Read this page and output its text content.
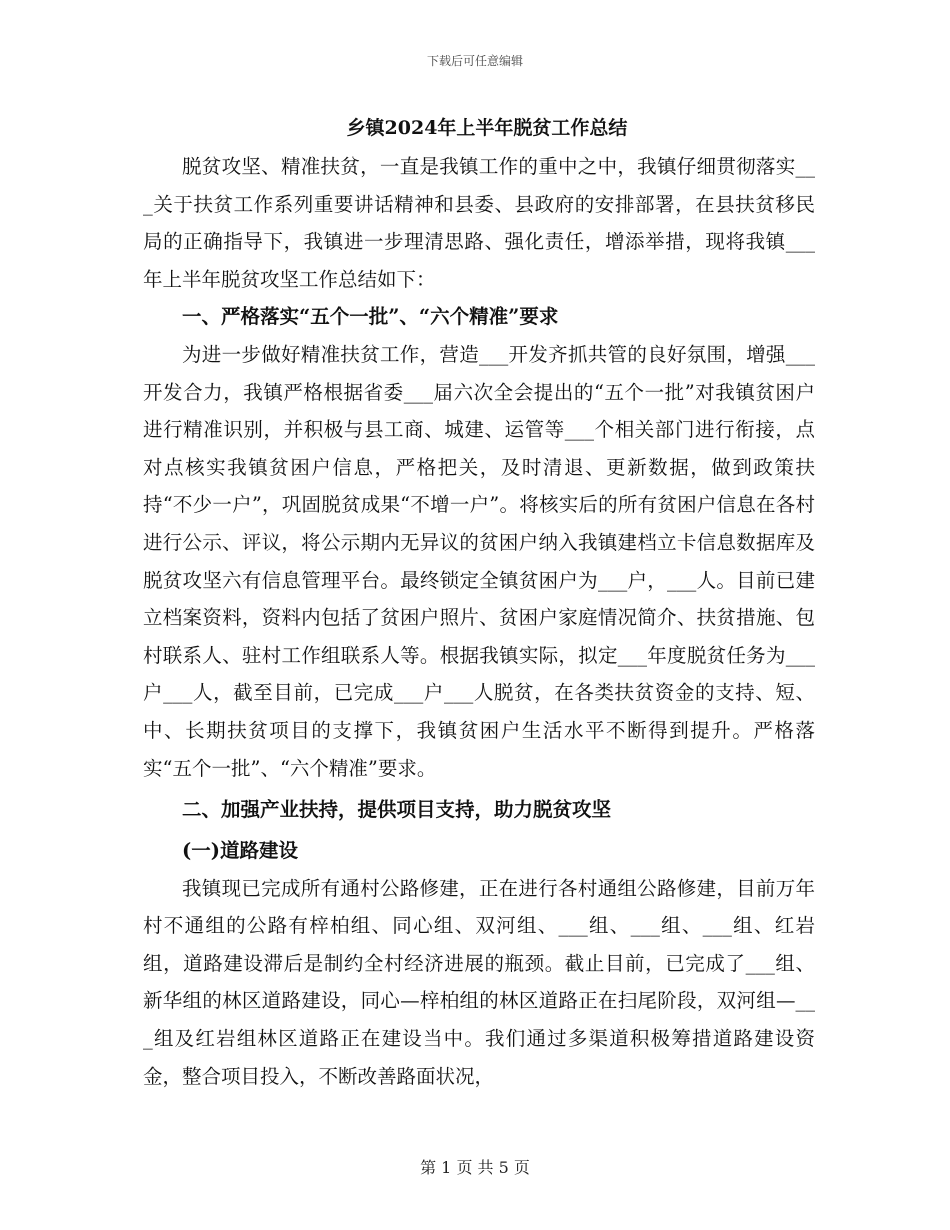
下载后可任意编辑
乡镇2024年上半年脱贫工作总结

脱贫攻坚、精准扶贫，一直是我镇工作的重中之中，我镇仔细贯彻落实___关于扶贫工作系列重要讲话精神和县委、县政府的安排部署，在县扶贫移民局的正确指导下，我镇进一步理清思路、强化责任，增添举措，现将我镇___年上半年脱贫攻坚工作总结如下：

一、严格落实“五个一批”、“六个精准”要求

为进一步做好精准扶贫工作，营造___开发齐抓共管的良好氛围，增强___开发合力，我镇严格根据省委___届六次全会提出的“五个一批”对我镇贫困户进行精准识别，并积极与县工商、城建、运管等___个相关部门进行衔接，点对点核实我镇贫困户信息，严格把关，及时清退、更新数据，做到政策扶持“不少一户”，巩固脱贫成果“不增一户”。将核实后的所有贫困户信息在各村进行公示、评议，将公示期内无异议的贫困户纳入我镇建档立卡信息数据库及脱贫攻坚六有信息管理平台。最终锁定全镇贫困户为___户，___人。目前已建立档案资料，资料内包括了贫困户照片、贫困户家庭情况简介、扶贫措施、包村联系人、驻村工作组联系人等。根据我镇实际，拟定___年度脱贫任务为___户___人，截至目前，已完成___户___人脱贫，在各类扶贫资金的支持、短、中、长期扶贫项目的支撑下，我镇贫困户生活水平不断得到提升。严格落实“五个一批”、“六个精准”要求。

二、加强产业扶持，提供项目支持，助力脱贫攻坚
(一)道路建设

我镇现已完成所有通村公路修建，正在进行各村通组公路修建，目前万年村不通组的公路有梓柏组、同心组、双河组、___组、___组、___组、红岩组，道路建设滞后是制约全村经济进展的瓶颈。截止目前，已完成了___组、新华组的林区道路建设，同心—梓柏组的林区道路正在扫尾阶段，双河组—___组及红岩组林区道路正在建设当中。我们通过多渠道积极筹措道路建设资金，整合项目投入，不断改善路面状况，

第 1 页 共 5 页
